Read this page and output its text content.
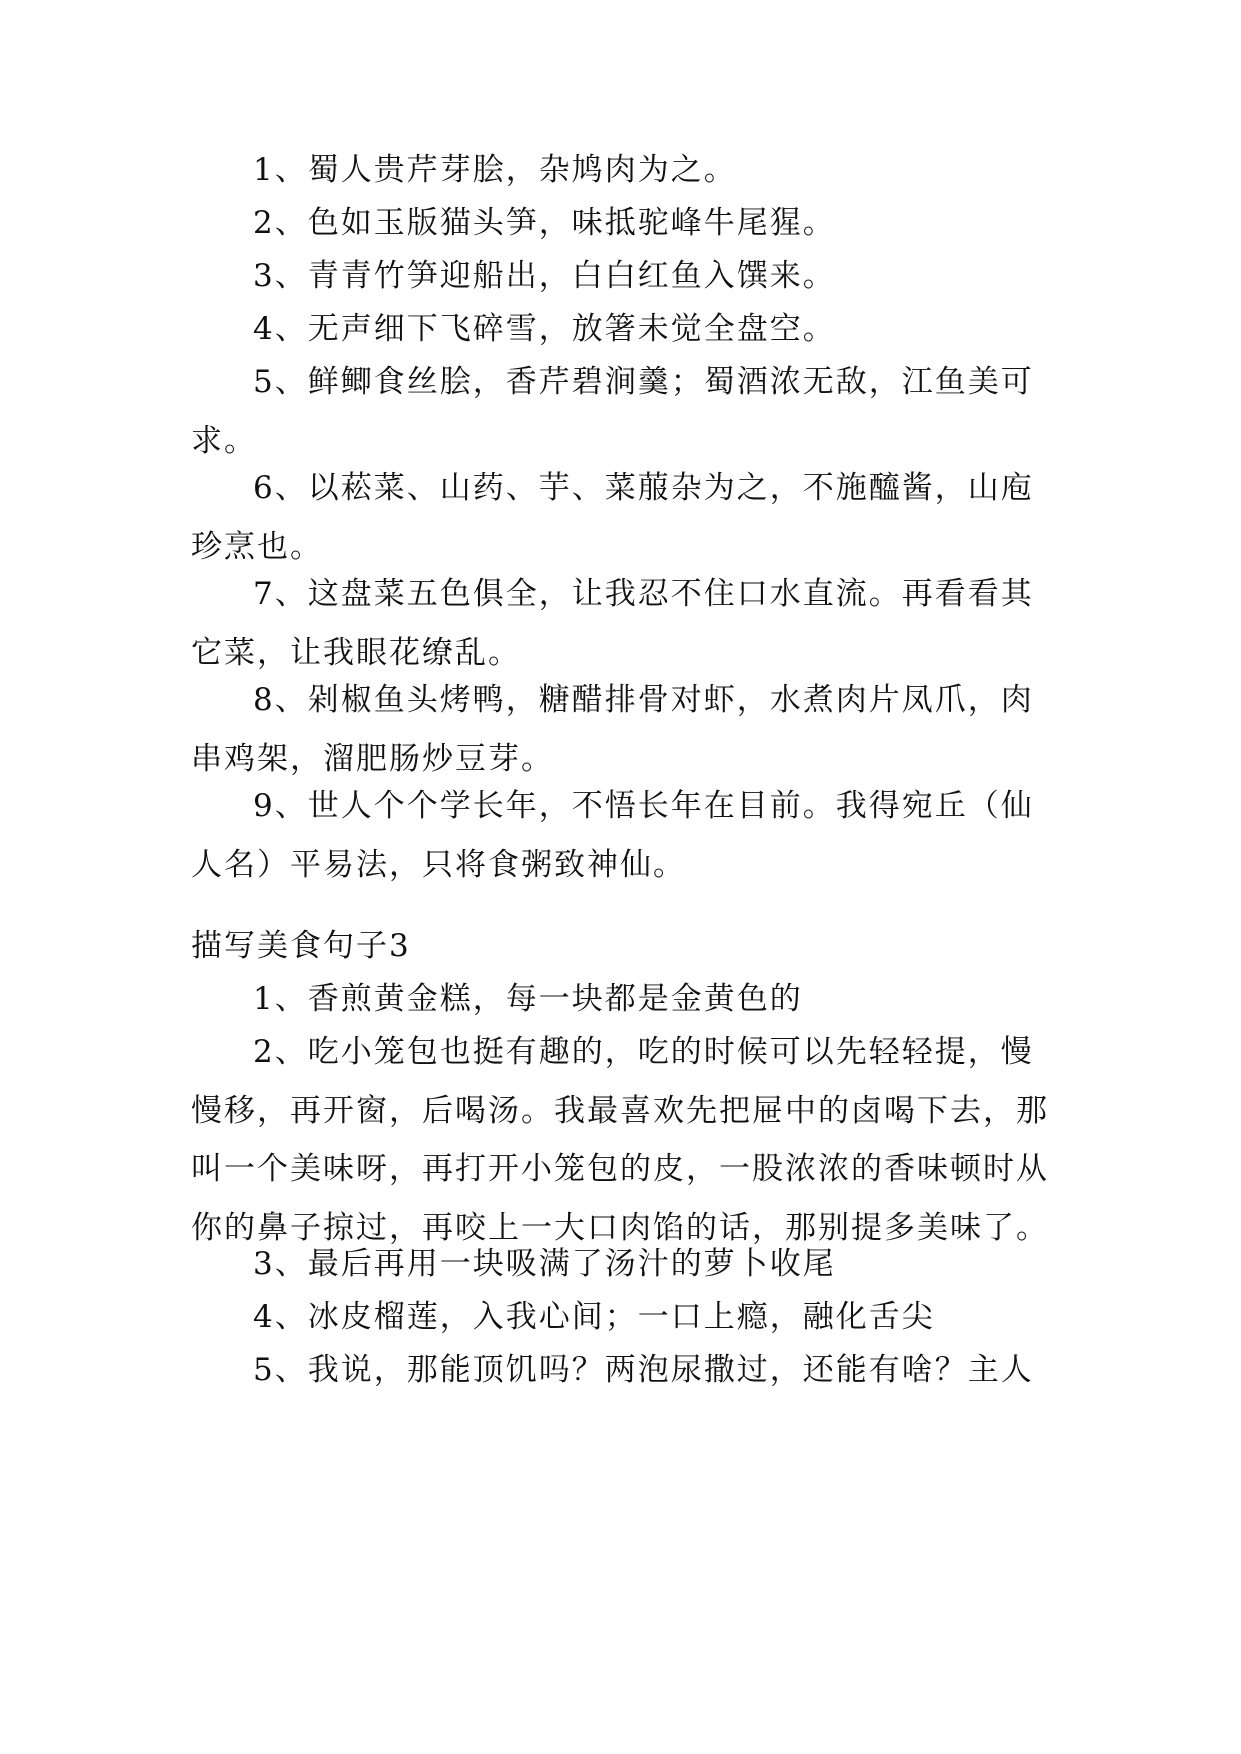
1、蜀人贵芹芽脍，杂鸠肉为之。

2、色如玉版猫头笋，味抵驼峰牛尾猩。

3、青青竹笋迎船出，白白红鱼入馔来。

4、无声细下飞碎雪，放箸未觉全盘空。

5、鲜鲫食丝脍，香芹碧涧羹；蜀酒浓无敌，江鱼美可求。

6、以菘菜、山药、芋、菜菔杂为之，不施醯酱，山庖珍烹也。

7、这盘菜五色俱全，让我忍不住口水直流。再看看其它菜，让我眼花缭乱。

8、剁椒鱼头烤鸭，糖醋排骨对虾，水煮肉片凤爪，肉串鸡架，溜肥肠炒豆芽。

9、世人个个学长年，不悟长年在目前。我得宛丘（仙人名）平易法，只将食粥致神仙。

描写美食句子3

1、香煎黄金糕，每一块都是金黄色的

2、吃小笼包也挺有趣的，吃的时候可以先轻轻提，慢慢移，再开窗，后喝汤。我最喜欢先把屉中的卤喝下去，那叫一个美味呀，再打开小笼包的皮，一股浓浓的香味顿时从你的鼻子掠过，再咬上一大口肉馅的话，那别提多美味了。

3、最后再用一块吸满了汤汁的萝卜收尾

4、冰皮榴莲，入我心间；一口上瘾，融化舌尖

5、我说，那能顶饥吗？两泡尿撒过，还能有啥？主人
